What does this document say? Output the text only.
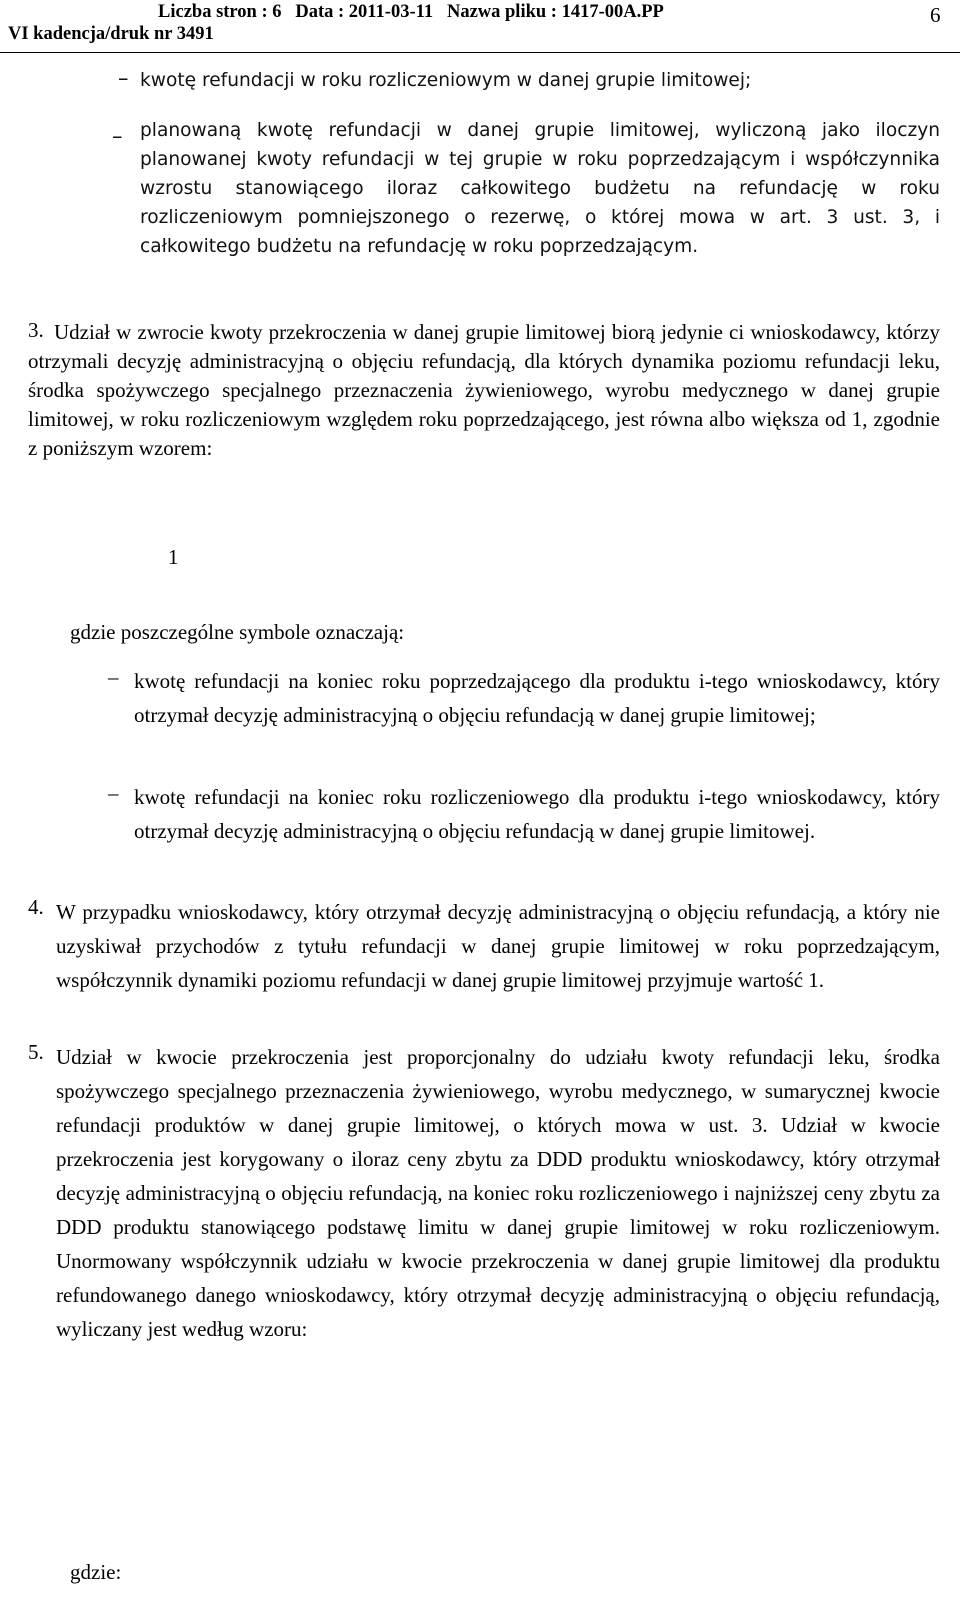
Liczba stron : 6   Data : 2011-03-11   Nazwa pliku : 1417-00A.PP
VI kadencja/druk nr 3491
6
– kwotę refundacji w roku rozliczeniowym w danej grupie limitowej;

– planowaną kwotę refundacji w danej grupie limitowej, wyliczoną jako iloczyn planowanej kwoty refundacji w tej grupie w roku poprzedzającym i współczynnika wzrostu stanowiącego iloraz całkowitego budżetu na refundację w roku rozliczeniowym pomniejszonego o rezerwę, o której mowa w art. 3 ust. 3, i całkowitego budżetu na refundację w roku poprzedzającym.

3. Udział w zwrocie kwoty przekroczenia w danej grupie limitowej biorą jedynie ci wnioskodawcy, którzy otrzymali decyzję administracyjną o objęciu refundacją, dla których dynamika poziomu refundacji leku, środka spożywczego specjalnego przeznaczenia żywieniowego, wyrobu medycznego w danej grupie limitowej, w roku rozliczeniowym względem roku poprzedzającego, jest równa albo większa od 1, zgodnie z poniższym wzorem:

1

gdzie poszczególne symbole oznaczają:

– kwotę refundacji na koniec roku poprzedzającego dla produktu i-tego wnioskodawcy, który otrzymał decyzję administracyjną o objęciu refundacją w danej grupie limitowej;

– kwotę refundacji na koniec roku rozliczeniowego dla produktu i-tego wnioskodawcy, który otrzymał decyzję administracyjną o objęciu refundacją w danej grupie limitowej.

4. W przypadku wnioskodawcy, który otrzymał decyzję administracyjną o objęciu refundacją, a który nie uzyskiwał przychodów z tytułu refundacji w danej grupie limitowej w roku poprzedzającym, współczynnik dynamiki poziomu refundacji w danej grupie limitowej przyjmuje wartość 1.

5. Udział w kwocie przekroczenia jest proporcjonalny do udziału kwoty refundacji leku, środka spożywczego specjalnego przeznaczenia żywieniowego, wyrobu medycznego, w sumarycznej kwocie refundacji produktów w danej grupie limitowej, o których mowa w ust. 3. Udział w kwocie przekroczenia jest korygowany o iloraz ceny zbytu za DDD produktu wnioskodawcy, który otrzymał decyzję administracyjną o objęciu refundacją, na koniec roku rozliczeniowego i najniższej ceny zbytu za DDD produktu stanowiącego podstawę limitu w danej grupie limitowej w roku rozliczeniowym. Unormowany współczynnik udziału w kwocie przekroczenia w danej grupie limitowej dla produktu refundowanego danego wnioskodawcy, który otrzymał decyzję administracyjną o objęciu refundacją, wyliczany jest według wzoru:

gdzie:
